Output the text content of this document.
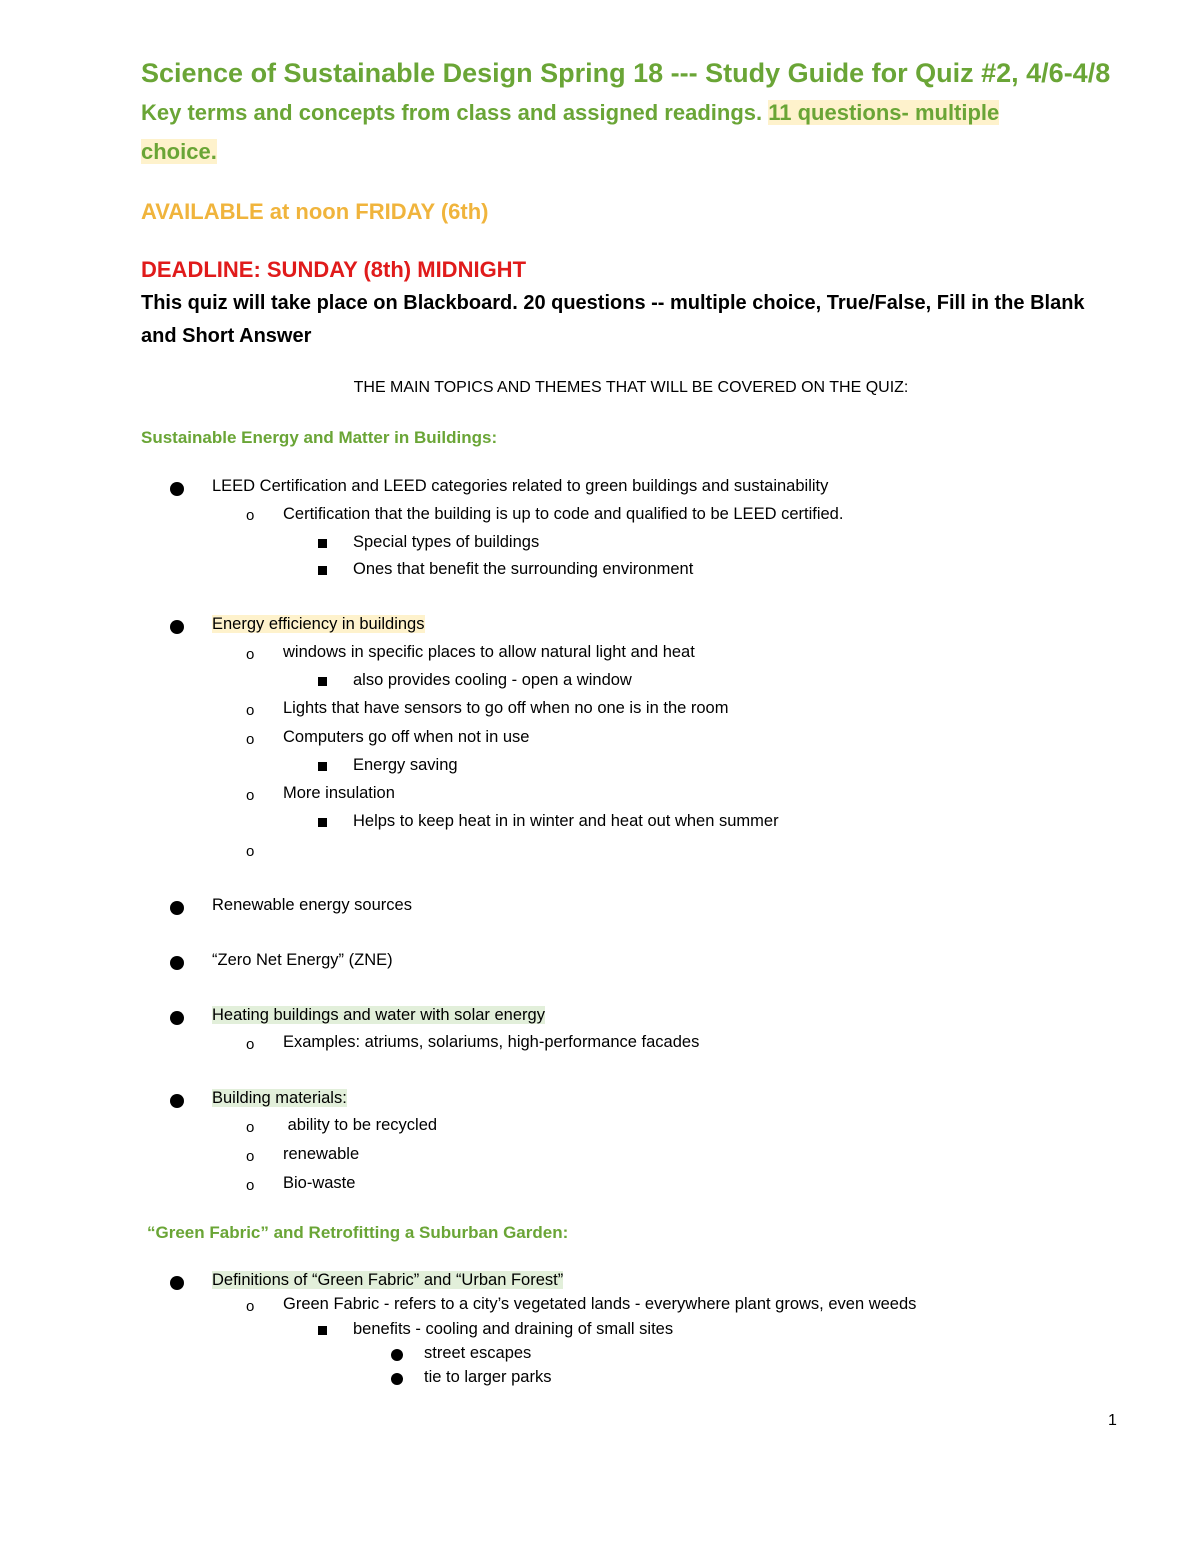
Science of Sustainable Design Spring 18 --- Study Guide for Quiz #2, 4/6-4/8
Key terms and concepts from class and assigned readings. 11 questions- multiple
choice.
AVAILABLE at noon FRIDAY (6th)
DEADLINE: SUNDAY (8th) MIDNIGHT
This quiz will take place on Blackboard. 20 questions -- multiple choice, True/False, Fill in the Blank
and Short Answer
THE MAIN TOPICS AND THEMES THAT WILL BE COVERED ON THE QUIZ:
Sustainable Energy and Matter in Buildings:
LEED Certification and LEED categories related to green buildings and sustainability
o Certification that the building is up to code and qualified to be LEED certified.
Special types of buildings
Ones that benefit the surrounding environment
Energy efficiency in buildings
o windows in specific places to allow natural light and heat
also provides cooling - open a window
o Lights that have sensors to go off when no one is in the room
o Computers go off when not in use
Energy saving
o More insulation
Helps to keep heat in in winter and heat out when summer
o
Renewable energy sources
“Zero Net Energy” (ZNE)
Heating buildings and water with solar energy
o Examples: atriums, solariums, high-performance facades
Building materials:
o ability to be recycled
o renewable
o Bio-waste
“Green Fabric” and Retrofitting a Suburban Garden:
Definitions of “Green Fabric” and “Urban Forest”
o Green Fabric - refers to a city’s vegetated lands - everywhere plant grows, even weeds
benefits - cooling and draining of small sites
street escapes
tie to larger parks
1
